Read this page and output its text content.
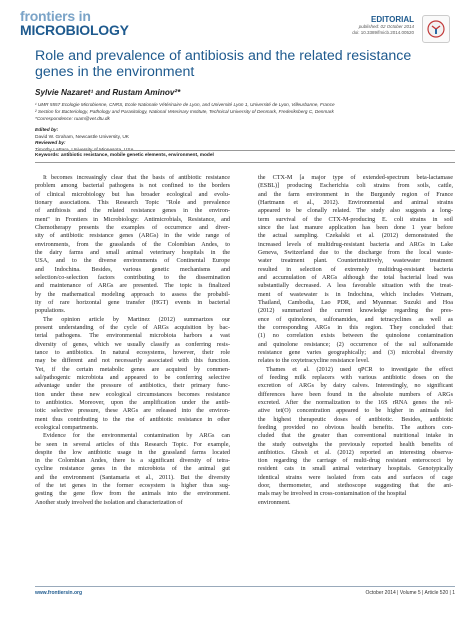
frontiers in
MICROBIOLOGY
EDITORIAL
published: 02 October 2014
doi: 10.3389/fmicb.2014.00520
Role and prevalence of antibiosis and the related resistance
genes in the environment
Sylvie Nazaret¹ and Rustam Aminov²*
¹ UMR 5557 Ecologie Microbienne, CNRS, Ecole Nationale Vétérinaire de Lyon, and Université Lyon 1, Université de Lyon, Villeurbanne, France
² Section for Bacteriology, Pathology and Parasitology, National Veterinary Institute, Technical University of Denmark, Frederiksberg C, Denmark
*Correspondence: ruam@vet.dtu.dk
Edited by:
David W. Graham, Newcastle University, UK
Reviewed by:
Timothy LaPara, University of Minnesota, USA
Keywords: antibiotic resistance, mobile genetic elements, environment, model
It becomes increasingly clear that the basis of antibiotic resistance
problem among bacterial pathogens is not confined to the borders
of clinical microbiology but has broader ecological and evolu-
tionary associations. This Research Topic "Role and prevalence
of antibiosis and the related resistance genes in the environ-
ment" in Frontiers in Microbiology: Antimicrobials, Resistance, and
Chemotherapy presents the examples of occurrence and diver-
sity of antibiotic resistance genes (ARGs) in the wide range of
environments, from the grasslands of the Colombian Andes, to
the dairy farms and small animal veterinary hospitals in the
USA, and to the diverse environments of Continental Europe
and Indochina. Besides, various genetic mechanisms and
selection/co-selection factors contributing to the dissemination
and maintenance of ARGs are presented. The topic is finalized
by the mathematical modeling approach to assess the probabil-
ity of rare horizontal gene transfer (HGT) events in bacterial
populations.
The opinion article by Martinez (2012) summarizes our
present understanding of the cycle of ARGs acquisition by bac-
terial pathogens. The environmental microbiota harbors a vast
diversity of genes, which we usually classify as conferring resis-
tance to antibiotics. In natural ecosystems, however, their role
may be different and not necessarily associated with this function.
Yet, if the certain metabolic genes are acquired by commen-
sal/pathogenic microbiota and appeared to be conferring selective
advantage under the pressure of antibiotics, their primary func-
tion under these new ecological circumstances becomes resistance
to antibiotics. Moreover, upon the amplification under the antib-
iotic selective pressure, these ARGs are released into the environ-
ment thus contributing to the rise of antibiotic resistance in other
ecological compartments.
Evidence for the environmental contamination by ARGs can
be seen in several articles of this Research Topic. For example,
despite the low antibiotic usage in the grassland farms located
in the Colombian Andes, there is a significant diversity of tetra-
cycline resistance genes in the microbiota of the animal gut
and the environment (Santamaria et al., 2011). But the diversity
of the tet genes in the former ecosystem is higher thus sug-
gesting the gene flow from the animals into the environment.
Another study involved the isolation and characterization of
the CTX-M [a major type of extended-spectrum beta-lactamase
(ESBL)] producing Escherichia coli strains from soils, cattle,
and the farm environment in the Burgundy region of France
(Hartmann et al., 2012). Environmental and animal strains
appeared to be clonally related. The study also suggests a long-
term survival of the CTX-M-producing E. coli strains in soil
since the last manure application has been done 1 year before
the actual sampling. Czekalski et al. (2012) demonstrated the
increased levels of multidrug-resistant bacteria and ARGs in Lake
Geneva, Switzerland due to the discharge from the local waste-
water treatment plant. Counterintuitively, wastewater treatment
resulted in selection of extremely multidrug-resistant bacteria
and accumulation of ARGs although the total bacterial load was
substantially decreased. A less favorable situation with the treat-
ment of wastewater is in Indochina, which includes Vietnam,
Thailand, Cambodia, Lao PDR, and Myanmar. Suzuki and Hoa
(2012) summarized the current knowledge regarding the pres-
ence of quinolones, sulfonamides, and tetracyclines as well as
the corresponding ARGs in this region. They concluded that:
(1) no correlation exists between the quinolone contamination
and quinolone resistance; (2) occurrence of the sul sulfonamide
resistance gene varies geographically; and (3) microbial diversity
relates to the oxytetracycline resistance level.
Thames et al. (2012) used qPCR to investigate the effect
of feeding milk replacers with various antibiotic doses on the
excretion of ARGs by dairy calves. Interestingly, no significant
differences have been found in the absolute numbers of ARGs
excreted. After the normalization to the 16S rRNA genes the rel-
ative tet(O) concentration appeared to be higher in animals fed
the highest therapeutic doses of antibiotic. Besides, antibiotic
feeding provided no obvious health benefits. The authors con-
cluded that the greater than conventional nutritional intake in
the study outweighs the previously reported health benefits of
antibiotics. Ghosh et al. (2012) reported an interesting observa-
tion regarding the carriage of multi-drug resistant enterococci by
resident cats in small animal veterinary hospitals. Genotypically
identical strains were isolated from cats and surfaces of cage
door, thermometer, and stethoscope suggesting that the ani-
mals may be involved in cross-contamination of the hospital
environment.
www.frontiersin.org	October 2014 | Volume 5 | Article 520 | 1
